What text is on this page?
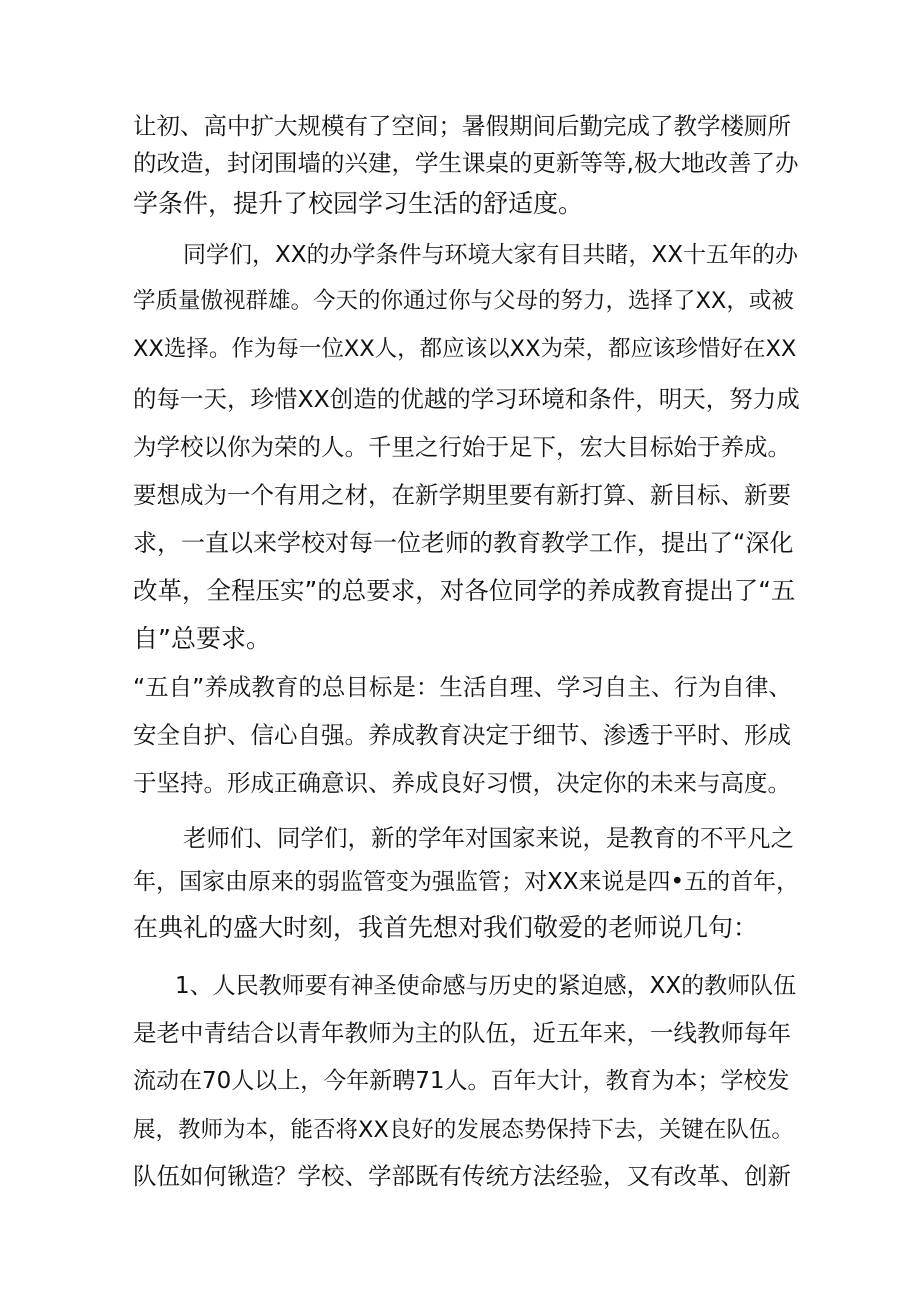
让初、高中扩大规模有了空间；暑假期间后勤完成了教学楼厕所
的改造，封闭围墙的兴建，学生课桌的更新等等,极大地改善了办
学条件，提升了校园学习生活的舒适度。
同学们，XX的办学条件与环境大家有目共睹，XX十五年的办
学质量傲视群雄。今天的你通过你与父母的努力，选择了XX，或被
XX选择。作为每一位XX人，都应该以XX为荣，都应该珍惜好在XX
的每一天，珍惜XX创造的优越的学习环境和条件，明天，努力成
为学校以你为荣的人。千里之行始于足下，宏大目标始于养成。
要想成为一个有用之材，在新学期里要有新打算、新目标、新要
求，一直以来学校对每一位老师的教育教学工作，提出了“深化
改革，全程压实”的总要求，对各位同学的养成教育提出了“五
自”总要求。
“五自”养成教育的总目标是：生活自理、学习自主、行为自律、
安全自护、信心自强。养成教育决定于细节、渗透于平时、形成
于坚持。形成正确意识、养成良好习惯，决定你的未来与高度。
老师们、同学们，新的学年对国家来说，是教育的不平凡之
年，国家由原来的弱监管变为强监管；对XX来说是四•五的首年，
在典礼的盛大时刻，我首先想对我们敬爱的老师说几句：
1、人民教师要有神圣使命感与历史的紧迫感，XX的教师队伍
是老中青结合以青年教师为主的队伍，近五年来，一线教师每年
流动在70人以上，今年新聘71人。百年大计，教育为本；学校发
展，教师为本，能否将XX良好的发展态势保持下去，关键在队伍。
队伍如何锹造？学校、学部既有传统方法经验，又有改革、创新
